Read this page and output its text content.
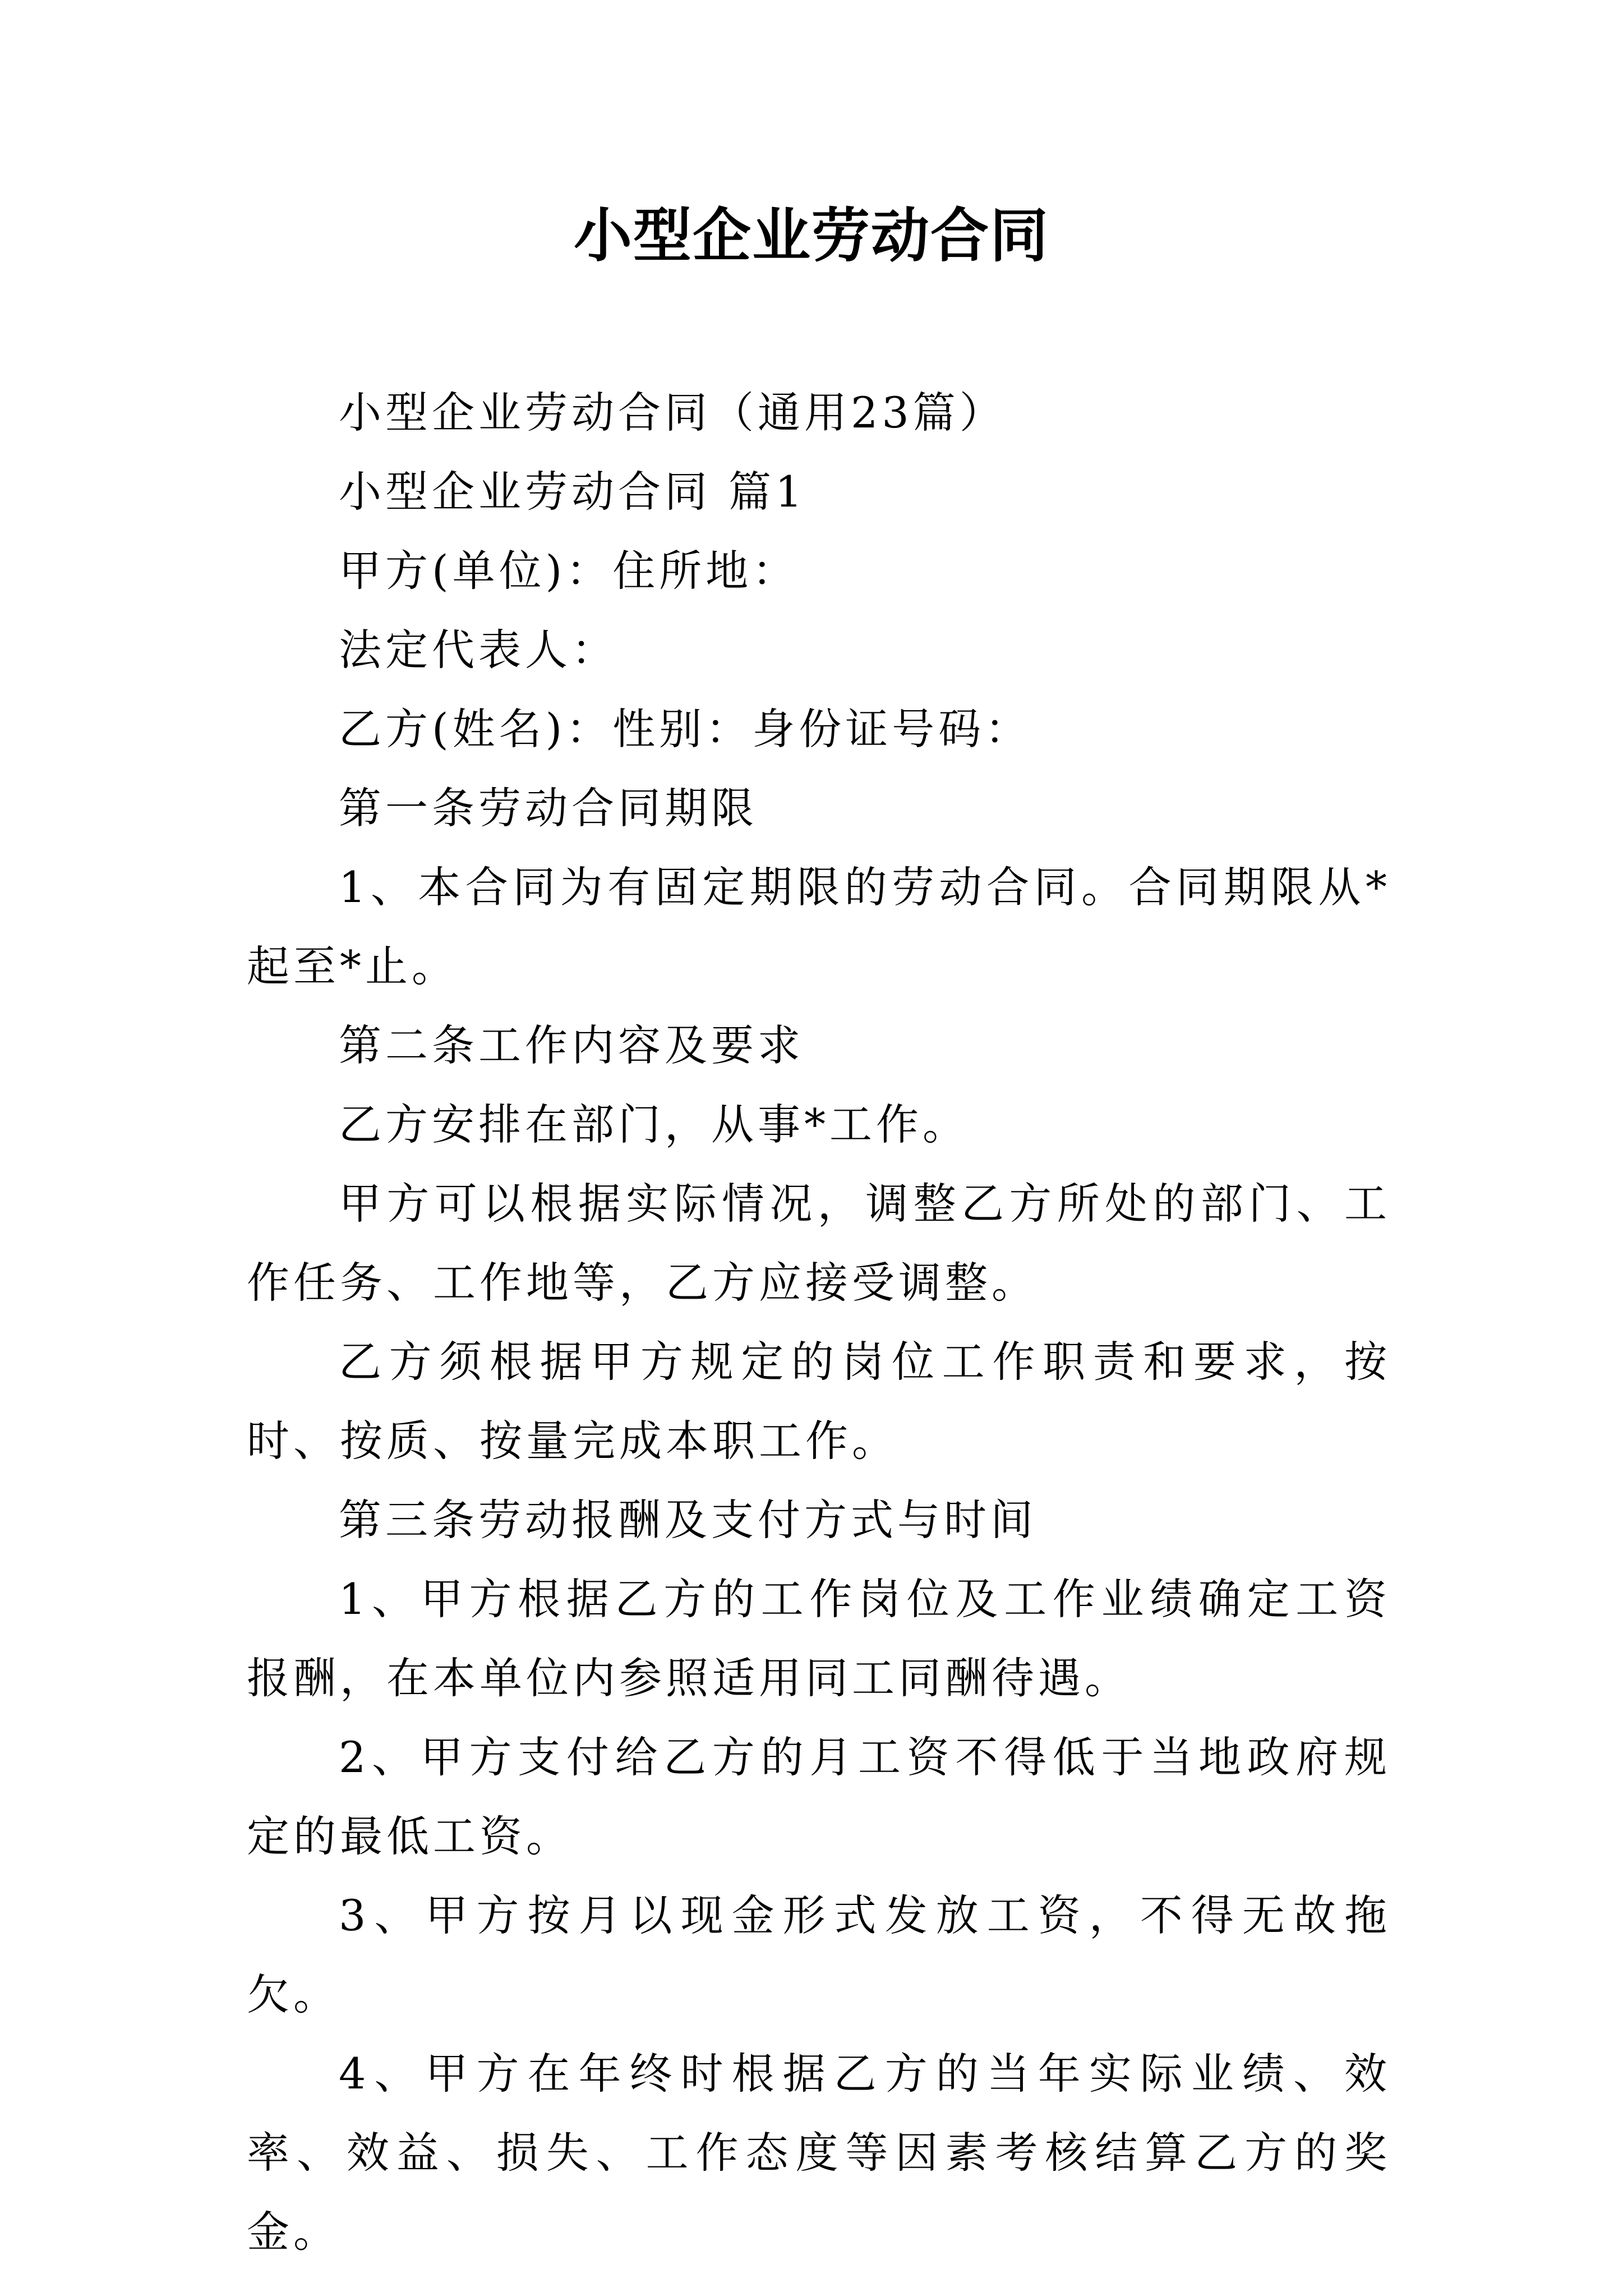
小型企业劳动合同

小型企业劳动合同（通用23篇）

小型企业劳动合同 篇1

甲方(单位)：住所地：

法定代表人：

乙方(姓名)：性别：身份证号码：

第一条劳动合同期限

1、本合同为有固定期限的劳动合同。合同期限从*起至*止。

第二条工作内容及要求

乙方安排在部门，从事*工作。

甲方可以根据实际情况，调整乙方所处的部门、工作任务、工作地等，乙方应接受调整。

乙方须根据甲方规定的岗位工作职责和要求，按时、按质、按量完成本职工作。

第三条劳动报酬及支付方式与时间

1、甲方根据乙方的工作岗位及工作业绩确定工资报酬，在本单位内参照适用同工同酬待遇。

2、甲方支付给乙方的月工资不得低于当地政府规定的最低工资。

3、甲方按月以现金形式发放工资，不得无故拖欠。

4、甲方在年终时根据乙方的当年实际业绩、效率、效益、损失、工作态度等因素考核结算乙方的奖金。
